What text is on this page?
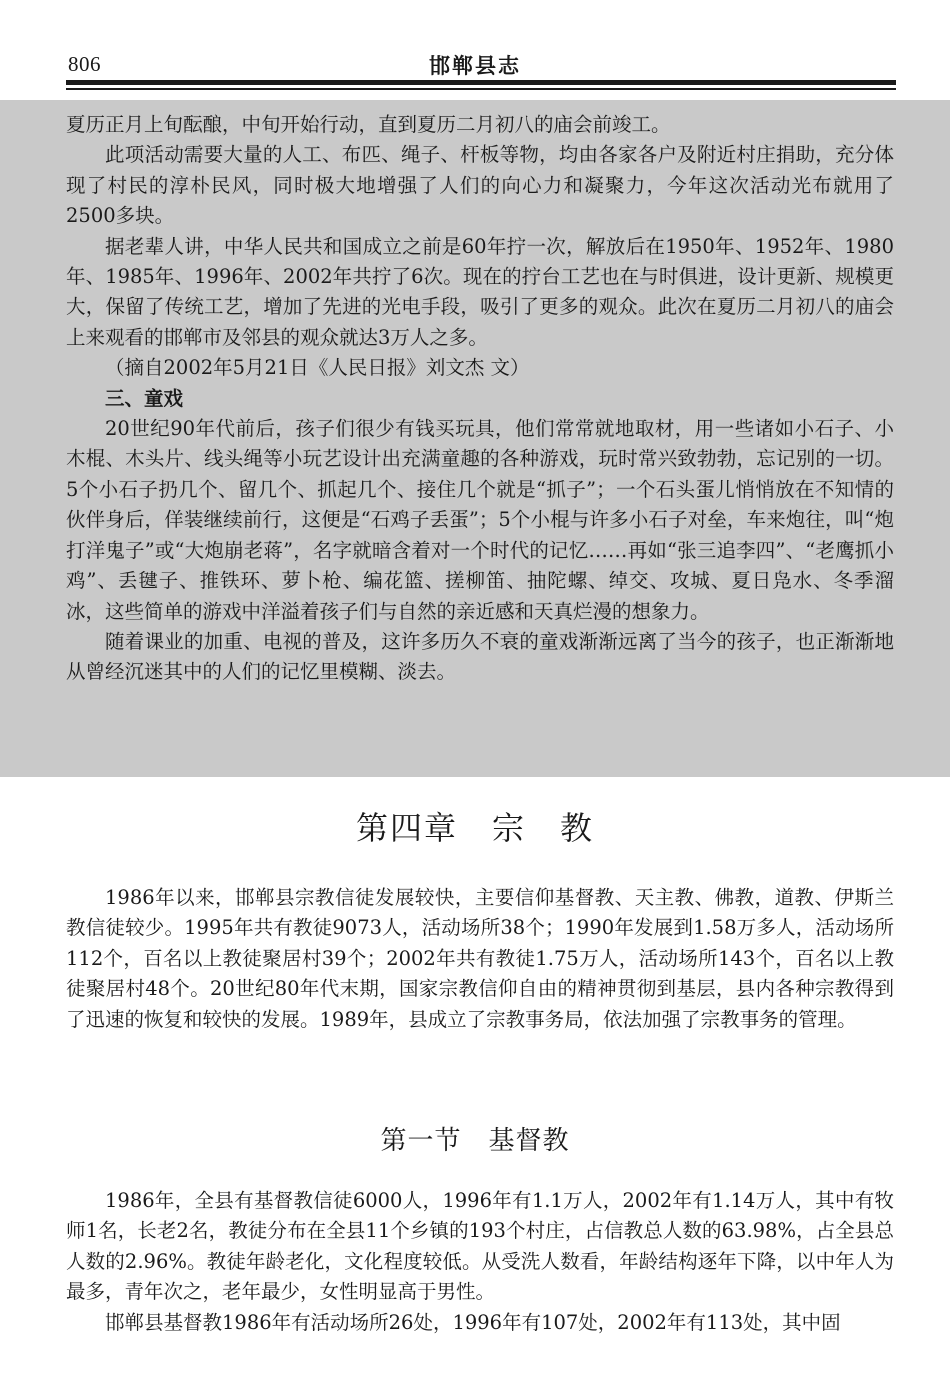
806	邯郸县志

夏历正月上旬酝酿，中旬开始行动，直到夏历二月初八的庙会前竣工。

此项活动需要大量的人工、布匹、绳子、杆板等物，均由各家各户及附近村庄捐助，充分体现了村民的淳朴民风，同时极大地增强了人们的向心力和凝聚力，今年这次活动光布就用了2500多块。

据老辈人讲，中华人民共和国成立之前是60年拧一次，解放后在1950年、1952年、1980年、1985年、1996年、2002年共拧了6次。现在的拧台工艺也在与时俱进，设计更新、规模更大，保留了传统工艺，增加了先进的光电手段，吸引了更多的观众。此次在夏历二月初八的庙会上来观看的邯郸市及邻县的观众就达3万人之多。

（摘自2002年5月21日《人民日报》刘文杰 文）

三、童戏

20世纪90年代前后，孩子们很少有钱买玩具，他们常常就地取材，用一些诸如小石子、小木棍、木头片、线头绳等小玩艺设计出充满童趣的各种游戏，玩时常兴致勃勃，忘记别的一切。5个小石子扔几个、留几个、抓起几个、接住几个就是“抓子”；一个石头蛋儿悄悄放在不知情的伙伴身后，佯装继续前行，这便是“石鸡子丢蛋”；5个小棍与许多小石子对垒，车来炮往，叫“炮打洋鬼子”或“大炮崩老蒋”，名字就暗含着对一个时代的记忆……再如“张三追李四”、“老鹰抓小鸡”、丢毽子、推铁环、萝卜枪、编花篮、搓柳笛、抽陀螺、绰交、攻城、夏日凫水、冬季溜冰，这些简单的游戏中洋溢着孩子们与自然的亲近感和天真烂漫的想象力。

随着课业的加重、电视的普及，这许多历久不衰的童戏渐渐远离了当今的孩子，也正渐渐地从曾经沉迷其中的人们的记忆里模糊、淡去。

第四章　宗　教

1986年以来，邯郸县宗教信徒发展较快，主要信仰基督教、天主教、佛教，道教、伊斯兰教信徒较少。1995年共有教徒9073人，活动场所38个；1990年发展到1.58万多人，活动场所112个，百名以上教徒聚居村39个；2002年共有教徒1.75万人，活动场所143个，百名以上教徒聚居村48个。20世纪80年代末期，国家宗教信仰自由的精神贯彻到基层，县内各种宗教得到了迅速的恢复和较快的发展。1989年，县成立了宗教事务局，依法加强了宗教事务的管理。

第一节　基督教

1986年，全县有基督教信徒6000人，1996年有1.1万人，2002年有1.14万人，其中有牧师1名，长老2名，教徒分布在全县11个乡镇的193个村庄，占信教总人数的63.98%，占全县总人数的2.96%。教徒年龄老化，文化程度较低。从受洗人数看，年龄结构逐年下降，以中年人为最多，青年次之，老年最少，女性明显高于男性。

邯郸县基督教1986年有活动场所26处，1996年有107处，2002年有113处，其中固
